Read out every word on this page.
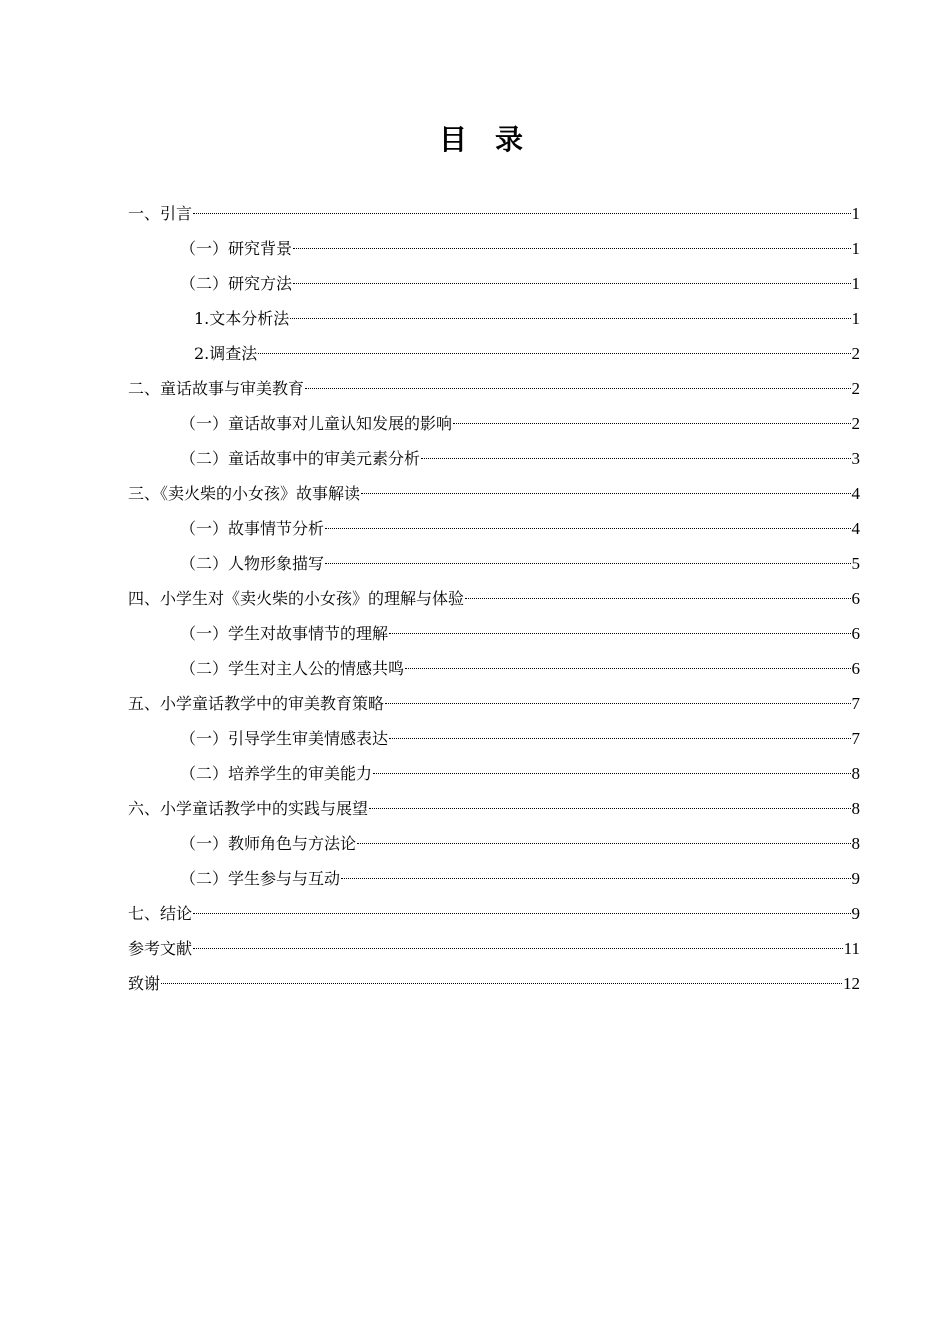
目录
一、引言	1
（一）研究背景	1
（二）研究方法	1
1.文本分析法	1
2.调查法	2
二、童话故事与审美教育	2
（一）童话故事对儿童认知发展的影响	2
（二）童话故事中的审美元素分析	3
三、《卖火柴的小女孩》故事解读	4
（一）故事情节分析	4
（二）人物形象描写	5
四、小学生对《卖火柴的小女孩》的理解与体验	6
（一）学生对故事情节的理解	6
（二）学生对主人公的情感共鸣	6
五、小学童话教学中的审美教育策略	7
（一）引导学生审美情感表达	7
（二）培养学生的审美能力	8
六、小学童话教学中的实践与展望	8
（一）教师角色与方法论	8
（二）学生参与与互动	9
七、结论	9
参考文献	11
致谢	12
